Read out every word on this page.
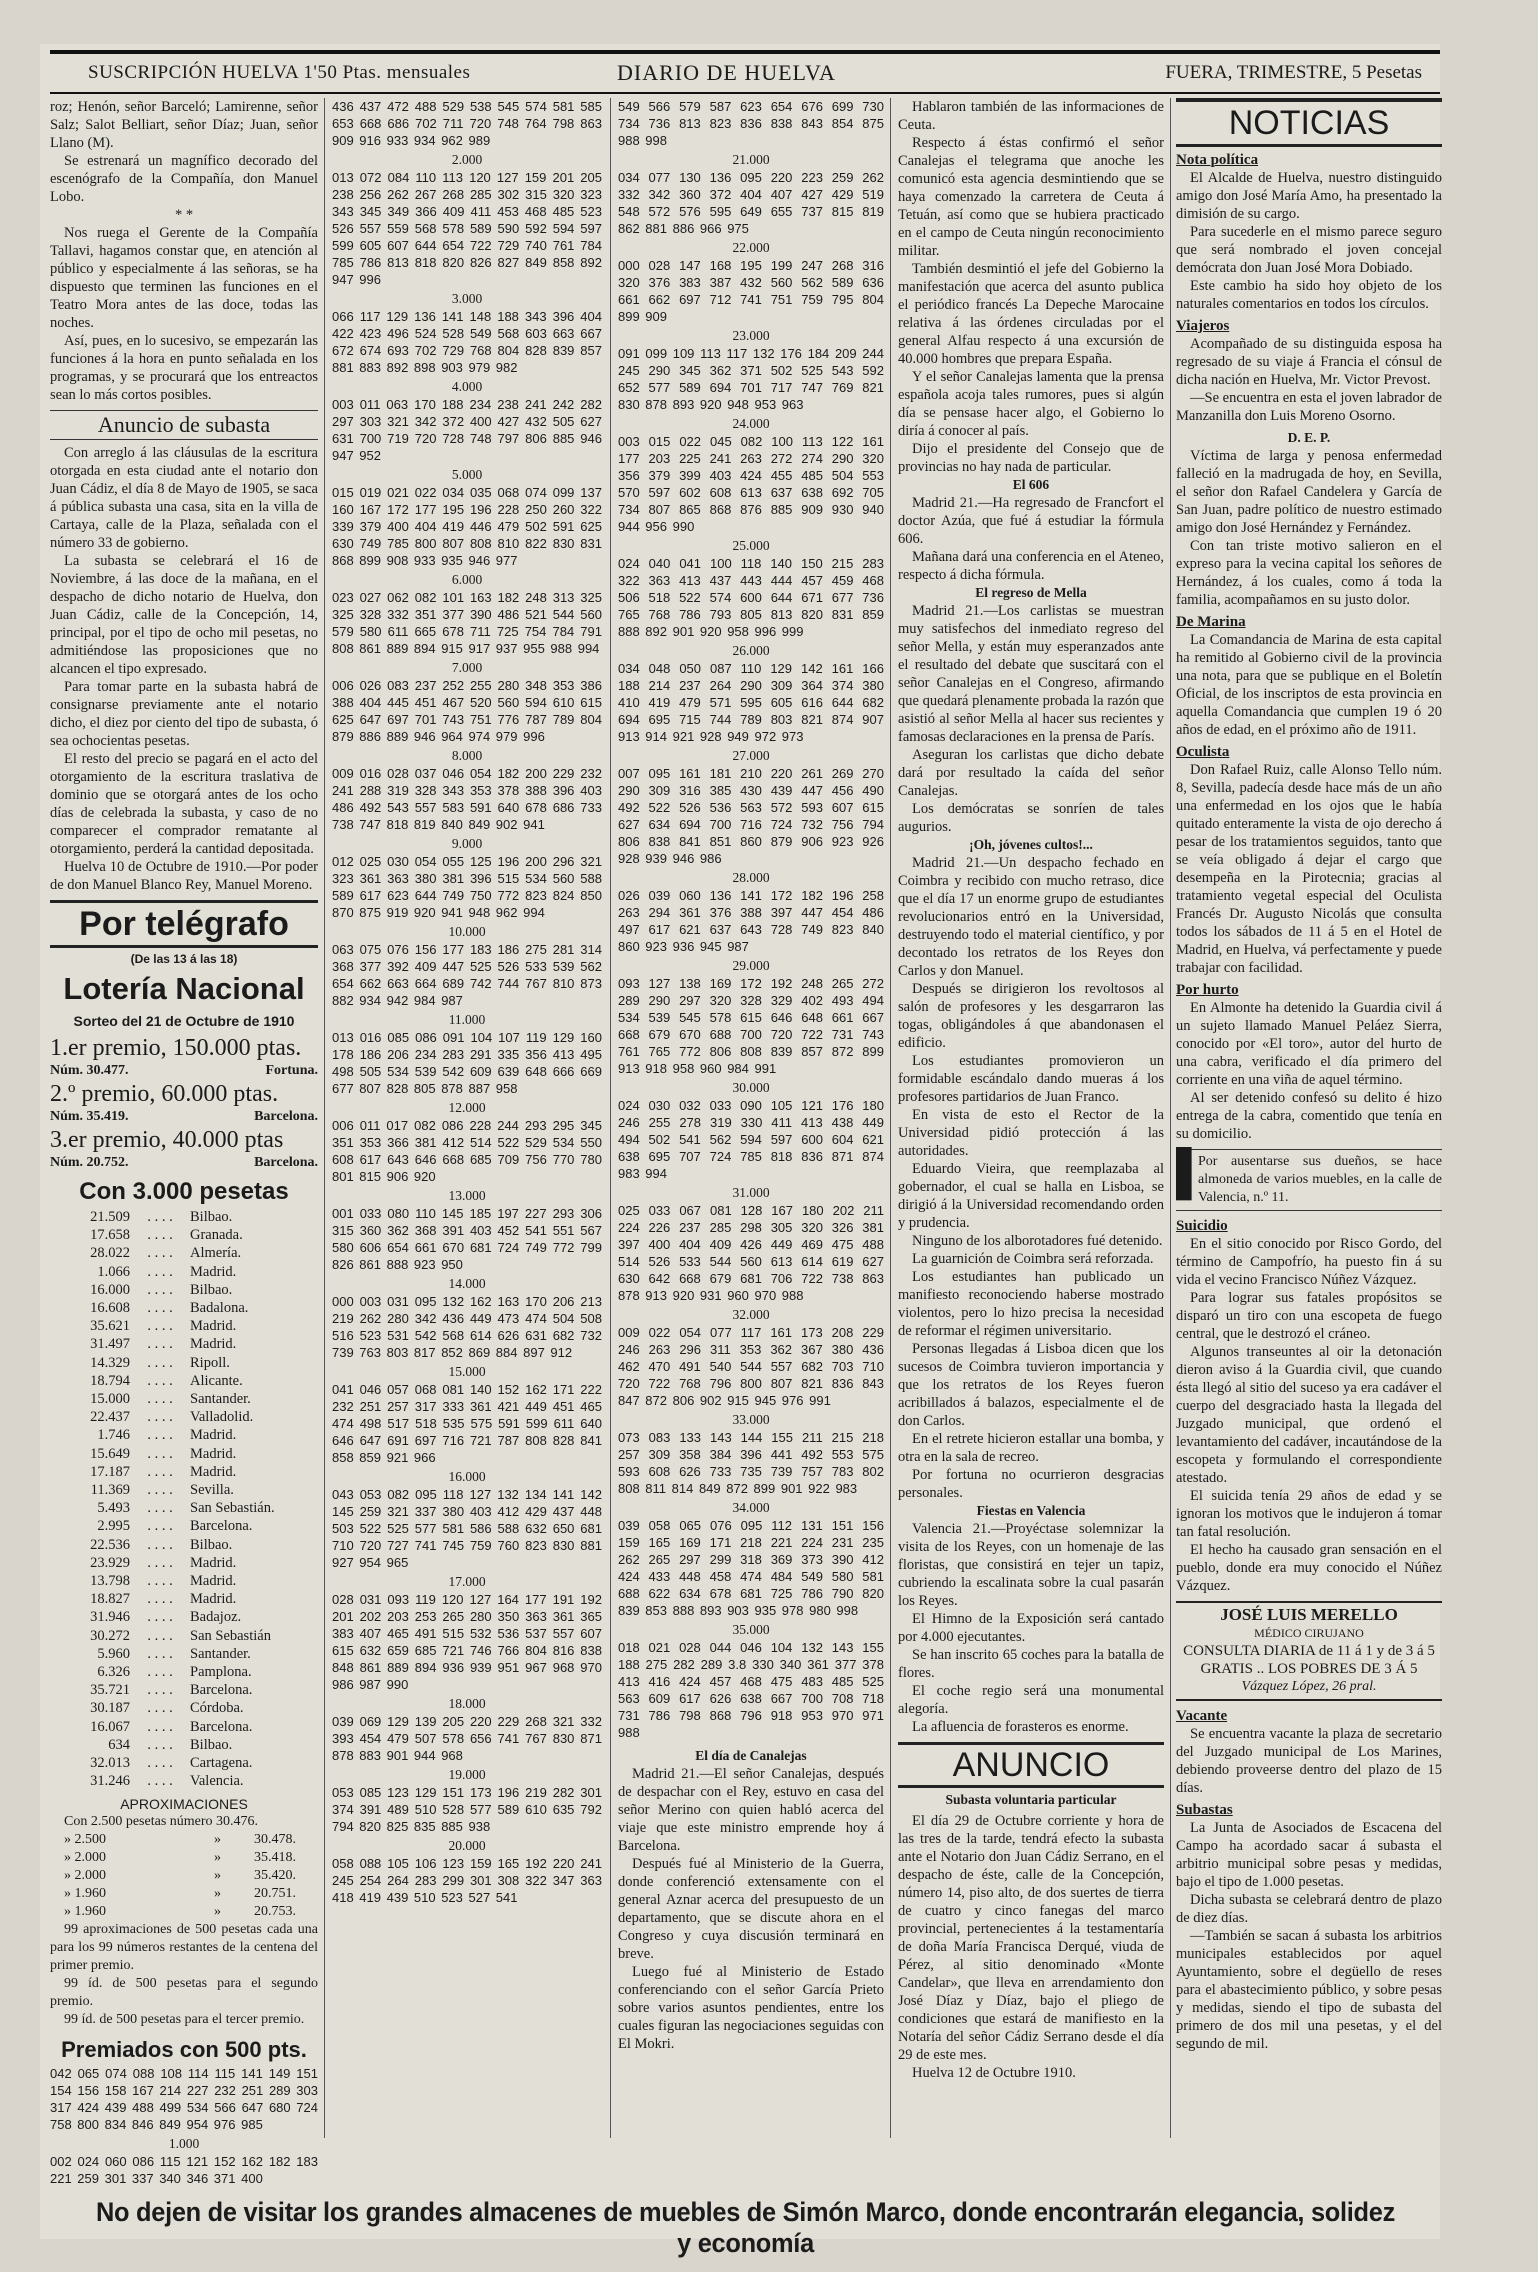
SUSCRIPCIÓN HUELVA 1'50 Ptas. mensuales	DIARIO DE HUELVA	FUERA, TRIMESTRE, 5 Pesetas

roz; Henón, señor Barceló; Lamirenne, señor Salz; Salot Belliart, señor Díaz; Juan, señor Llano (M).

Se estrenará un magnífico decorado del escenógrafo de la Compañía, don Manuel Lobo.

* *

Nos ruega el Gerente de la Compañía Tallavi, hagamos constar que, en atención al público y especialmente á las señoras, se ha dispuesto que terminen las funciones en el Teatro Mora antes de las doce, todas las noches.

Así, pues, en lo sucesivo, se empezarán las funciones á la hora en punto señalada en los programas, y se procurará que los entreactos sean lo más cortos posibles.

Anuncio de subasta

Con arreglo á las cláusulas de la escritura otorgada en esta ciudad ante el notario don Juan Cádiz, el día 8 de Mayo de 1905, se saca á pública subasta una casa, sita en la villa de Cartaya, calle de la Plaza, señalada con el número 33 de gobierno.

La subasta se celebrará el 16 de Noviembre, á las doce de la mañana, en el despacho de dicho notario de Huelva, don Juan Cádiz, calle de la Concepción, 14, principal, por el tipo de ocho mil pesetas, no admitiéndose las proposiciones que no alcancen el tipo expresado.

Para tomar parte en la subasta habrá de consignarse previamente ante el notario dicho, el diez por ciento del tipo de subasta, ó sea ochocientas pesetas.

El resto del precio se pagará en el acto del otorgamiento de la escritura traslativa de dominio que se otorgará antes de los ocho días de celebrada la subasta, y caso de no comparecer el comprador rematante al otorgamiento, perderá la cantidad depositada.

Huelva 10 de Octubre de 1910.—Por poder de don Manuel Blanco Rey, Manuel Moreno.

Por telégrafo
(De las 13 á las 18)
Lotería Nacional
Sorteo del 21 de Octubre de 1910
1.er premio, 150.000 ptas.
Núm. 30.477.	Fortuna.
2.º premio, 60.000 ptas.
Núm. 35.419.	Barcelona.
3.er premio, 40.000 ptas
Núm. 20.752.	Barcelona.
Con 3.000 pesetas
21.509	. . . .	Bilbao.
17.658	. . . .	Granada.
28.022	. . . .	Almería.
1.066	. . . .	Madrid.
16.000	. . . .	Bilbao.
16.608	. . . .	Badalona.
35.621	. . . .	Madrid.
31.497	. . . .	Madrid.
14.329	. . . .	Ripoll.
18.794	. . . .	Alicante.
15.000	. . . .	Santander.
22.437	. . . .	Valladolid.
1.746	. . . .	Madrid.
15.649	. . . .	Madrid.
17.187	. . . .	Madrid.
11.369	. . . .	Sevilla.
5.493	. . . .	San Sebastián.
2.995	. . . .	Barcelona.
22.536	. . . .	Bilbao.
23.929	. . . .	Madrid.
13.798	. . . .	Madrid.
18.827	. . . .	Madrid.
31.946	. . . .	Badajoz.
30.272	. . . .	San Sebastián
5.960	. . . .	Santander.
6.326	. . . .	Pamplona.
35.721	. . . .	Barcelona.
30.187	. . . .	Córdoba.
16.067	. . . .	Barcelona.
634	. . . .	Bilbao.
32.013	. . . .	Cartagena.
31.246	. . . .	Valencia.
APROXIMACIONES
Con 2.500 pesetas número 30.476.
» 2.500	»	30.478.
» 2.000	»	35.418.
» 2.000	»	35.420.
» 1.960	»	20.751.
» 1.960	»	20.753.

99 aproximaciones de 500 pesetas cada una para los 99 números restantes de la centena del primer premio.

99 íd. de 500 pesetas para el segundo premio.

99 íd. de 500 pesetas para el tercer premio.

Premiados con 500 pts.
042 065 074 088 108 114 115 141 149 151 154 156 158 167 214 227 232 251 289 303 317 424 439 488 499 534 566 647 680 724 758 800 834 846 849 954 976 985
1.000
002 024 060 086 115 121 152 162 182 183 221 259 301 337 340 346 371 400
436 437 472 488 529 538 545 574 581 585 653 668 686 702 711 720 748 764 798 863 909 916 933 934 962 989
2.000
013 072 084 110 113 120 127 159 201 205 238 256 262 267 268 285 302 315 320 323 343 345 349 366 409 411 453 468 485 523 526 557 559 568 578 589 590 592 594 597 599 605 607 644 654 722 729 740 761 784 785 786 813 818 820 826 827 849 858 892 947 996
3.000
066 117 129 136 141 148 188 343 396 404 422 423 496 524 528 549 568 603 663 667 672 674 693 702 729 768 804 828 839 857 881 883 892 898 903 979 982
4.000
003 011 063 170 188 234 238 241 242 282 297 303 321 342 372 400 427 432 505 627 631 700 719 720 728 748 797 806 885 946 947 952
5.000
015 019 021 022 034 035 068 074 099 137 160 167 172 177 195 196 228 250 260 322 339 379 400 404 419 446 479 502 591 625 630 749 785 800 807 808 810 822 830 831 868 899 908 933 935 946 977
6.000
023 027 062 082 101 163 182 248 313 325 325 328 332 351 377 390 486 521 544 560 579 580 611 665 678 711 725 754 784 791 808 861 889 894 915 917 937 955 988 994
7.000
006 026 083 237 252 255 280 348 353 386 388 404 445 451 467 520 560 594 610 615 625 647 697 701 743 751 776 787 789 804 879 886 889 946 964 974 979 996
8.000
009 016 028 037 046 054 182 200 229 232 241 288 319 328 343 353 378 388 396 403 486 492 543 557 583 591 640 678 686 733 738 747 818 819 840 849 902 941
9.000
012 025 030 054 055 125 196 200 296 321 323 361 363 380 381 396 515 534 560 588 589 617 623 644 749 750 772 823 824 850 870 875 919 920 941 948 962 994
10.000
063 075 076 156 177 183 186 275 281 314 368 377 392 409 447 525 526 533 539 562 654 662 663 664 689 742 744 767 810 873 882 934 942 984 987
11.000
013 016 085 086 091 104 107 119 129 160 178 186 206 234 283 291 335 356 413 495 498 505 534 539 542 609 639 648 666 669 677 807 828 805 878 887 958
12.000
006 011 017 082 086 228 244 293 295 345 351 353 366 381 412 514 522 529 534 550 608 617 643 646 668 685 709 756 770 780 801 815 906 920
13.000
001 033 080 110 145 185 197 227 293 306 315 360 362 368 391 403 452 541 551 567 580 606 654 661 670 681 724 749 772 799 826 861 888 923 950
14.000
000 003 031 095 132 162 163 170 206 213 219 262 280 342 436 449 473 474 504 508 516 523 531 542 568 614 626 631 682 732 739 763 803 817 852 869 884 897 912
15.000
041 046 057 068 081 140 152 162 171 222 232 251 257 317 333 361 421 449 451 465 474 498 517 518 535 575 591 599 611 640 646 647 691 697 716 721 787 808 828 841 858 859 921 966
16.000
043 053 082 095 118 127 132 134 141 142 145 259 321 337 380 403 412 429 437 448 503 522 525 577 581 586 588 632 650 681 710 720 727 741 745 759 760 823 830 881 927 954 965
17.000
028 031 093 119 120 127 164 177 191 192 201 202 203 253 265 280 350 363 361 365 383 407 465 491 515 532 536 537 557 607 615 632 659 685 721 746 766 804 816 838 848 861 889 894 936 939 951 967 968 970 986 987 990
18.000
039 069 129 139 205 220 229 268 321 332 393 454 479 507 578 656 741 767 830 871 878 883 901 944 968
19.000
053 085 123 129 151 173 196 219 282 301 374 391 489 510 528 577 589 610 635 792 794 820 825 835 885 938
20.000
058 088 105 106 123 159 165 192 220 241 245 254 264 283 299 301 308 322 347 363 418 419 439 510 523 527 541
549 566 579 587 623 654 676 699 730 734 736 813 823 836 838 843 854 875 988 998
21.000
034 077 130 136 095 220 223 259 262 332 342 360 372 404 407 427 429 519 548 572 576 595 649 655 737 815 819 862 881 886 966 975
22.000
000 028 147 168 195 199 247 268 316 320 376 383 387 432 560 562 589 636 661 662 697 712 741 751 759 795 804 899 909
23.000
091 099 109 113 117 132 176 184 209 244 245 290 345 362 371 502 525 543 592 652 577 589 694 701 717 747 769 821 830 878 893 920 948 953 963
24.000
003 015 022 045 082 100 113 122 161 177 203 225 241 263 272 274 290 320 356 379 399 403 424 455 485 504 553 570 597 602 608 613 637 638 692 705 734 807 865 868 876 885 909 930 940 944 956 990
25.000
024 040 041 100 118 140 150 215 283 322 363 413 437 443 444 457 459 468 506 518 522 574 600 644 671 677 736 765 768 786 793 805 813 820 831 859 888 892 901 920 958 996 999
26.000
034 048 050 087 110 129 142 161 166 188 214 237 264 290 309 364 374 380 410 419 479 571 595 605 616 644 682 694 695 715 744 789 803 821 874 907 913 914 921 928 949 972 973
27.000
007 095 161 181 210 220 261 269 270 290 309 316 385 430 439 447 456 490 492 522 526 536 563 572 593 607 615 627 634 694 700 716 724 732 756 794 806 838 841 851 860 879 906 923 926 928 939 946 986
28.000
026 039 060 136 141 172 182 196 258 263 294 361 376 388 397 447 454 486 497 617 621 637 643 728 749 823 840 860 923 936 945 987
29.000
093 127 138 169 172 192 248 265 272 289 290 297 320 328 329 402 493 494 534 539 545 578 615 646 648 661 667 668 679 670 688 700 720 722 731 743 761 765 772 806 808 839 857 872 899 913 918 958 960 984 991
30.000
024 030 032 033 090 105 121 176 180 246 255 278 319 330 411 413 438 449 494 502 541 562 594 597 600 604 621 638 695 707 724 785 818 836 871 874 983 994
31.000
025 033 067 081 128 167 180 202 211 224 226 237 285 298 305 320 326 381 397 400 404 409 426 449 469 475 488 514 526 533 544 560 613 614 619 627 630 642 668 679 681 706 722 738 863 878 913 920 931 960 970 988
32.000
009 022 054 077 117 161 173 208 229 246 263 296 311 353 362 367 380 436 462 470 491 540 544 557 682 703 710 720 722 768 796 800 807 821 836 843 847 872 806 902 915 945 976 991
33.000
073 083 133 143 144 155 211 215 218 257 309 358 384 396 441 492 553 575 593 608 626 733 735 739 757 783 802 808 811 814 849 872 899 901 922 983
34.000
039 058 065 076 095 112 131 151 156 159 165 169 171 218 221 224 231 235 262 265 297 299 318 369 373 390 412 424 433 448 458 474 484 549 580 581 688 622 634 678 681 725 786 790 820 839 853 888 893 903 935 978 980 998
35.000
018 021 028 044 046 104 132 143 155 188 275 282 289 3.8 330 340 361 377 378 413 416 424 457 468 475 483 485 525 563 609 617 626 638 667 700 708 718 731 786 798 868 796 918 953 970 971 988
El día de Canalejas

Madrid 21.—El señor Canalejas, después de despachar con el Rey, estuvo en casa del señor Merino con quien habló acerca del viaje que este ministro emprende hoy á Barcelona.

Después fué al Ministerio de la Guerra, donde conferenció extensamente con el general Aznar acerca del presupuesto de un departamento, que se discute ahora en el Congreso y cuya discusión terminará en breve.

Luego fué al Ministerio de Estado conferenciando con el señor García Prieto sobre varios asuntos pendientes, entre los cuales figuran las negociaciones seguidas con El Mokri.

Hablaron también de las informaciones de Ceuta.

Respecto á éstas confirmó el señor Canalejas el telegrama que anoche les comunicó esta agencia desmintiendo que se haya comenzado la carretera de Ceuta á Tetuán, así como que se hubiera practicado en el campo de Ceuta ningún reconocimiento militar.

También desmintió el jefe del Gobierno la manifestación que acerca del asunto publica el periódico francés La Depeche Marocaine relativa á las órdenes circuladas por el general Alfau respecto á una excursión de 40.000 hombres que prepara España.

Y el señor Canalejas lamenta que la prensa española acoja tales rumores, pues si algún día se pensase hacer algo, el Gobierno lo diría á conocer al país.

Dijo el presidente del Consejo que de provincias no hay nada de particular.

El 606

Madrid 21.—Ha regresado de Francfort el doctor Azúa, que fué á estudiar la fórmula 606.

Mañana dará una conferencia en el Ateneo, respecto á dicha fórmula.

El regreso de Mella

Madrid 21.—Los carlistas se muestran muy satisfechos del inmediato regreso del señor Mella, y están muy esperanzados ante el resultado del debate que suscitará con el señor Canalejas en el Congreso, afirmando que quedará plenamente probada la razón que asistió al señor Mella al hacer sus recientes y famosas declaraciones en la prensa de París.

Aseguran los carlistas que dicho debate dará por resultado la caída del señor Canalejas.

Los demócratas se sonríen de tales augurios.

¡Oh, jóvenes cultos!...

Madrid 21.—Un despacho fechado en Coimbra y recibido con mucho retraso, dice que el día 17 un enorme grupo de estudiantes revolucionarios entró en la Universidad, destruyendo todo el material científico, y por decontado los retratos de los Reyes don Carlos y don Manuel.

Después se dirigieron los revoltosos al salón de profesores y les desgarraron las togas, obligándoles á que abandonasen el edificio.

Los estudiantes promovieron un formidable escándalo dando mueras á los profesores partidarios de Juan Franco.

En vista de esto el Rector de la Universidad pidió protección á las autoridades.

Eduardo Vieira, que reemplazaba al gobernador, el cual se halla en Lisboa, se dirigió á la Universidad recomendando orden y prudencia.

Ninguno de los alborotadores fué detenido.

La guarnición de Coimbra será reforzada.

Los estudiantes han publicado un manifiesto reconociendo haberse mostrado violentos, pero lo hizo precisa la necesidad de reformar el régimen universitario.

Personas llegadas á Lisboa dicen que los sucesos de Coimbra tuvieron importancia y que los retratos de los Reyes fueron acribillados á balazos, especialmente el de don Carlos.

En el retrete hicieron estallar una bomba, y otra en la sala de recreo.

Por fortuna no ocurrieron desgracias personales.

Fiestas en Valencia

Valencia 21.—Proyéctase solemnizar la visita de los Reyes, con un homenaje de las floristas, que consistirá en tejer un tapiz, cubriendo la escalinata sobre la cual pasarán los Reyes.

El Himno de la Exposición será cantado por 4.000 ejecutantes.

Se han inscrito 65 coches para la batalla de flores.

El coche regio será una monumental alegoría.

La afluencia de forasteros es enorme.

ANUNCIO
Subasta voluntaria particular

El día 29 de Octubre corriente y hora de las tres de la tarde, tendrá efecto la subasta ante el Notario don Juan Cádiz Serrano, en el despacho de éste, calle de la Concepción, número 14, piso alto, de dos suertes de tierra de cuatro y cinco fanegas del marco provincial, pertenecientes á la testamentaría de doña María Francisca Derqué, viuda de Pérez, al sitio denominado «Monte Candelar», que lleva en arrendamiento don José Díaz y Díaz, bajo el pliego de condiciones que estará de manifiesto en la Notaría del señor Cádiz Serrano desde el día 29 de este mes.

Huelva 12 de Octubre 1910.

NOTICIAS
Nota política

El Alcalde de Huelva, nuestro distinguido amigo don José María Amo, ha presentado la dimisión de su cargo.

Para sucederle en el mismo parece seguro que será nombrado el joven concejal demócrata don Juan José Mora Dobiado.

Este cambio ha sido hoy objeto de los naturales comentarios en todos los círculos.

Viajeros

Acompañado de su distinguida esposa ha regresado de su viaje á Francia el cónsul de dicha nación en Huelva, Mr. Victor Prevost.

—Se encuentra en esta el joven labrador de Manzanilla don Luis Moreno Osorno.

D. E. P.

Víctima de larga y penosa enfermedad falleció en la madrugada de hoy, en Sevilla, el señor don Rafael Candelera y García de San Juan, padre político de nuestro estimado amigo don José Hernández y Fernández.

Con tan triste motivo salieron en el expreso para la vecina capital los señores de Hernández, á los cuales, como á toda la familia, acompañamos en su justo dolor.

De Marina

La Comandancia de Marina de esta capital ha remitido al Gobierno civil de la provincia una nota, para que se publique en el Boletín Oficial, de los inscriptos de esta provincia en aquella Comandancia que cumplen 19 ó 20 años de edad, en el próximo año de 1911.

Oculista

Don Rafael Ruiz, calle Alonso Tello núm. 8, Sevilla, padecía desde hace más de un año una enfermedad en los ojos que le había quitado enteramente la vista de ojo derecho á pesar de los tratamientos seguidos, tanto que se veía obligado á dejar el cargo que desempeña en la Pirotecnia; gracias al tratamiento vegetal especial del Oculista Francés Dr. Augusto Nicolás que consulta todos los sábados de 11 á 5 en el Hotel de Madrid, en Huelva, vá perfectamente y puede trabajar con facilidad.

Por hurto

En Almonte ha detenido la Guardia civil á un sujeto llamado Manuel Peláez Sierra, conocido por «El toro», autor del hurto de una cabra, verificado el día primero del corriente en una viña de aquel término.

Al ser detenido confesó su delito é hizo entrega de la cabra, comentido que tenía en su domicilio.

▌
Por ausentarse sus dueños, se hace almoneda de varios muebles, en la calle de Valencia, n.º 11.
Suicidio

En el sitio conocido por Risco Gordo, del término de Campofrío, ha puesto fin á su vida el vecino Francisco Núñez Vázquez.

Para lograr sus fatales propósitos se disparó un tiro con una escopeta de fuego central, que le destrozó el cráneo.

Algunos transeuntes al oir la detonación dieron aviso á la Guardia civil, que cuando ésta llegó al sitio del suceso ya era cadáver el cuerpo del desgraciado hasta la llegada del Juzgado municipal, que ordenó el levantamiento del cadáver, incautándose de la escopeta y formulando el correspondiente atestado.

El suicida tenía 29 años de edad y se ignoran los motivos que le indujeron á tomar tan fatal resolución.

El hecho ha causado gran sensación en el pueblo, donde era muy conocido el Núñez Vázquez.

JOSÉ LUIS MERELLO
MÉDICO CIRUJANO
CONSULTA DIARIA de 11 á 1 y de 3 á 5
GRATIS .. LOS POBRES DE 3 Á 5
Vázquez López, 26 pral.
Vacante

Se encuentra vacante la plaza de secretario del Juzgado municipal de Los Marines, debiendo proveerse dentro del plazo de 15 días.

Subastas

La Junta de Asociados de Escacena del Campo ha acordado sacar á subasta el arbitrio municipal sobre pesas y medidas, bajo el tipo de 1.000 pesetas.

Dicha subasta se celebrará dentro de plazo de diez días.

—También se sacan á subasta los arbitrios municipales establecidos por aquel Ayuntamiento, sobre el degüello de reses para el abastecimiento público, y sobre pesas y medidas, siendo el tipo de subasta del primero de dos mil una pesetas, y el del segundo de mil.

No dejen de visitar los grandes almacenes de muebles de Simón Marco, donde encontrarán elegancia, solidez y economía
